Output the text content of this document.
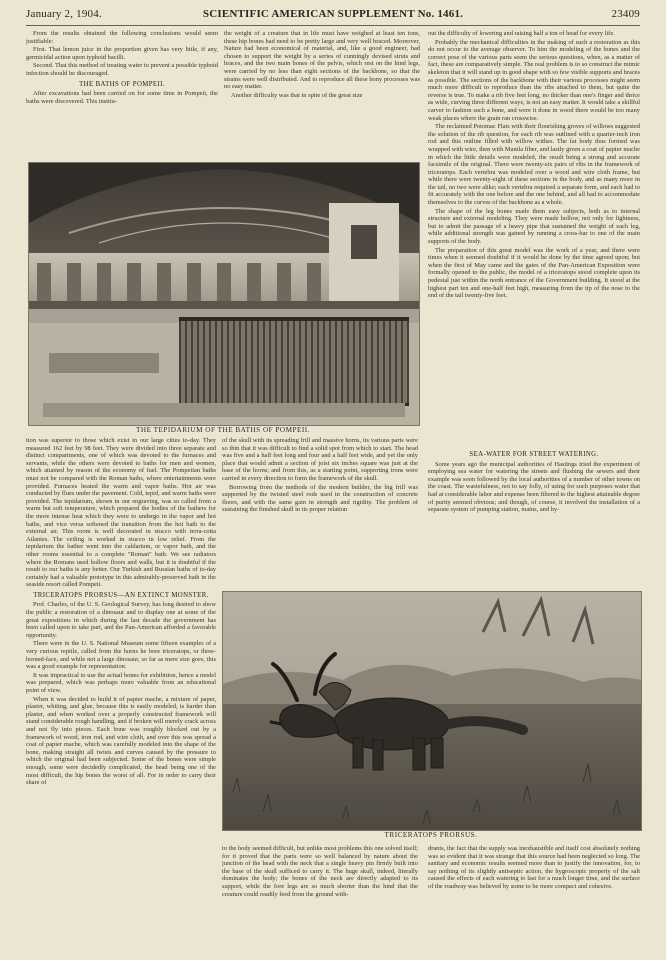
January 2, 1904.	SCIENTIFIC AMERICAN SUPPLEMENT No. 1461.	23409

From the results obtained the following conclusions would seem justifiable:

First. That lemon juice in the proportion given has very little, if any, germicidal action upon typhoid bacilli.

Second. That this method of treating water to prevent a possible typhoid infection should be discouraged.

THE BATHS OF POMPEII.

After excavations had been carried on for some time in Pompeii, the baths were discovered. This institu-

the weight of a creature that in life must have weighed at least ten tons, these hip bones had need to be pretty large and very well braced. Moreover, Nature had been economical of material, and, like a good engineer, had chosen to support the weight by a series of cunningly devised struts and braces, and the two main bones of the pelvis, which rest on the hind legs, were carried by no less than eight sections of the backbone, so that the strains were well distributed. And to reproduce all these bony processes was no easy matter.

Another difficulty was that in spite of the great size

out the difficulty of lowering and raising half a ton of head for every life.

Probably the mechanical difficulties in the making of such a restoration as this do not occur to the average observer. To him the modeling of the bones and the correct pose of the various parts seem the serious questions, when, as a matter of fact, these are comparatively simple. The real problem is to so construct the mimic skeleton that it will stand up in good shape with so few visible supports and braces as possible. The sections of the backbone with their various processes might seem much more difficult to reproduce than the ribs attached to them, but quite the reverse is true. To make a rib five feet long, no thicker than one's finger and thrice as wide, curving three different ways, is not an easy matter. It would take a skillful carver to fashion such a bone, and were it done in wood there would be too many weak places where the grain ran crosswise.

The reclaimed Potomac Flats with their flourishing groves of willows suggested the solution of the rib question, for each rib was outlined with a quarter-inch iron rod and this outline filled with willow withes. The fat body thus formed was wrapped with wire, then with Manila fiber, and lastly given a coat of papier mache in which the little details were modeled, the result being a strong and accurate facsimile of the original. There were twenty-six pairs of ribs in the framework of triceratops. Each vertebra was modeled over a wood and wire cloth frame, but while there were twenty-eight of these sections in the body, and as many more in the tail, no two were alike; each vertebra required a separate form, and each had to fit accurately with the one before and the one behind, and all had to accommodate themselves to the curves of the backbone as a whole.

The shape of the leg bones made them easy subjects, both as to internal structure and external modeling. They were made hollow, not only for lightness, but to admit the passage of a heavy pipe that sustained the weight of each leg, while additional strength was gained by running a cross-bar to one of the main supports of the body.

The preparation of this great model was the work of a year, and there were times when it seemed doubtful if it would be done by the time agreed upon; but when the first of May came and the gates of the Pan-American Exposition were formally opened to the public, the model of a triceratops stood complete upon its pedestal just within the north entrance of the Government building. It stood at the highest part ten and one-half feet high, measuring from the tip of the nose to the end of the tail twenty-five feet.

THE TEPIDARIUM OF THE BATHS OF POMPEII.

tion was superior to those which exist in our large cities to-day. They measured 162 feet by 98 feet. They were divided into three separate and distinct compartments, one of which was devoted to the furnaces and servants, while the others were devoted to baths for men and women, which attained by reason of the economy of fuel. The Pompeiian baths must not be compared with the Roman baths, where entertainments were provided. Furnaces heated the warm and vapor baths. Hot air was conducted by flues under the pavement. Cold, tepid, and warm baths were provided. The tepidarium, shown in our engraving, was so called from a warm but soft temperature, which prepared the bodies of the bathers for the more intense heat which they were to undergo in the vapor and hot baths, and vice versa softened the transition from the hot bath to the external air. This room is well decorated in stucco with terra-cotta Atlantes. The ceiling is worked in stucco in low relief. From the tepidarium the bather went into the caldarium, or vapor bath, and the other rooms essential to a complete "Roman" bath. We see radiators where the Romans used hollow floors and walls, but it is doubtful if the result to our baths is any better. Our Turkish and Russian baths of to-day certainly had a valuable prototype in this admirably-preserved bath in the seaside resort called Pompeii.

TRICERATOPS PRORSUS—AN EXTINCT MONSTER.

Prof. Charles, of the U. S. Geological Survey, has long desired to show the public a restoration of a dinosaur and to display one at some of the great expositions in which during the last decade the government has been called upon to take part, and the Pan-American afforded a favorable opportunity.

There were in the U. S. National Museum some fifteen examples of a very curious reptile, called from the horns he bore triceratops, or three-horned-face, and while not a large dinosaur, so far as mere size goes, this was a good example for representation.

It was impractical to use the actual bones for exhibition, hence a model was prepared, which was perhaps more valuable from an educational point of view.

When it was decided to build it of papier mache, a mixture of paper, plaster, whiting, and glue, because this is easily modeled, is harder than plaster, and when worked over a properly constructed framework will stand considerable rough handling, and if broken will merely crack across and not fly into pieces. Each bone was roughly blocked out by a framework of wood, iron rod, and wire cloth, and over this was spread a coat of papier mache, which was carefully modeled into the shape of the bone, making straight all twists and curves caused by the pressure to which the original had been subjected. Some of the bones were simple enough, some were decidedly complicated, the head being one of the most difficult, the hip bones the worst of all. For in order to carry their share of

of the skull with its spreading frill and massive horns, its various parts were so thin that it was difficult to find a solid spot from which to start. The head was five and a half feet long and four and a half feet wide, and yet the only place that would admit a section of joist six inches square was just at the base of the horns; and from this, as a starting point, supporting irons were carried in every direction to form the framework of the skull.

Borrowing from the methods of the modern builder, the big frill was supported by the twisted steel rods used in the construction of concrete floors, and with the same gain in strength and rigidity. The problem of sustaining the finished skull in its proper relation

SEA-WATER FOR STREET WATERING.

Some years ago the municipal authorities of Hastings tried the experiment of employing sea water for watering the streets and flushing the sewers and their example was soon followed by the local authorities of a number of other towns on the coast. The wastefulness, not to say folly, of using for such purposes water that had at considerable labor and expense been filtered to the highest attainable degree of purity seemed obvious; and though, of course, it involved the installation of a separate system of pumping station, mains, and hy-

TRICERATOPS PRORSUS.

to the body seemed difficult, but unlike most problems this one solved itself; for it proved that the parts were so well balanced by nature about the junction of the head with the neck that a single heavy pin firmly built into the base of the skull sufficed to carry it. The huge skull, indeed, literally dominates the body; the bones of the neck are directly adapted to its support, while the fore legs are so much shorter than the hind that the creature could readily feed from the ground with-

drants, the fact that the supply was inexhaustible and itself cost absolutely nothing was so evident that it was strange that this source had been neglected so long. The sanitary and economic results seemed more than to justify the innovation, for, to say nothing of its slightly antiseptic action, the hygroscopic property of the salt caused the effects of each watering to last for a much longer time, and the surface of the roadway was believed by some to be more compact and cohesive.
